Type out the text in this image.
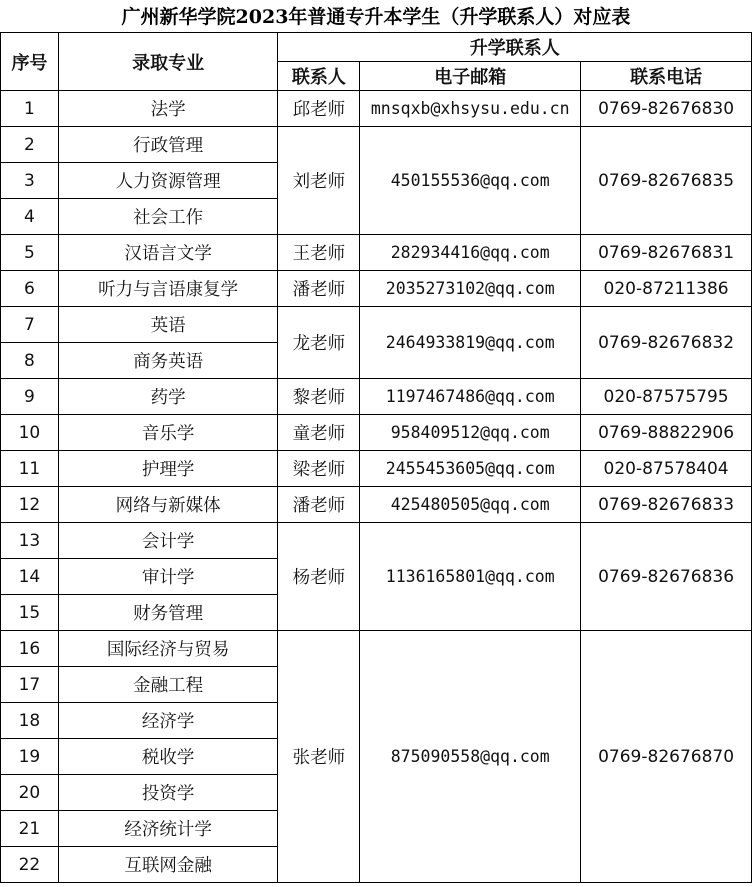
广州新华学院2023年普通专升本学生（升学联系人）对应表
序号	录取专业	升学联系人		
		联系人	电子邮箱	联系电话
1	法学	邱老师	mnsqxb@xhsysu.edu.cn	0769-82676830
2	行政管理	刘老师	450155536@qq.com	0769-82676835
3	人力资源管理			
4	社会工作			
5	汉语言文学	王老师	282934416@qq.com	0769-82676831
6	听力与言语康复学	潘老师	2035273102@qq.com	020-87211386
7	英语	龙老师	2464933819@qq.com	0769-82676832
8	商务英语			
9	药学	黎老师	1197467486@qq.com	020-87575795
10	音乐学	童老师	958409512@qq.com	0769-88822906
11	护理学	梁老师	2455453605@qq.com	020-87578404
12	网络与新媒体	潘老师	425480505@qq.com	0769-82676833
13	会计学	杨老师	1136165801@qq.com	0769-82676836
14	审计学			
15	财务管理			
16	国际经济与贸易	张老师	875090558@qq.com	0769-82676870
17	金融工程			
18	经济学			
19	税收学			
20	投资学			
21	经济统计学			
22	互联网金融			
